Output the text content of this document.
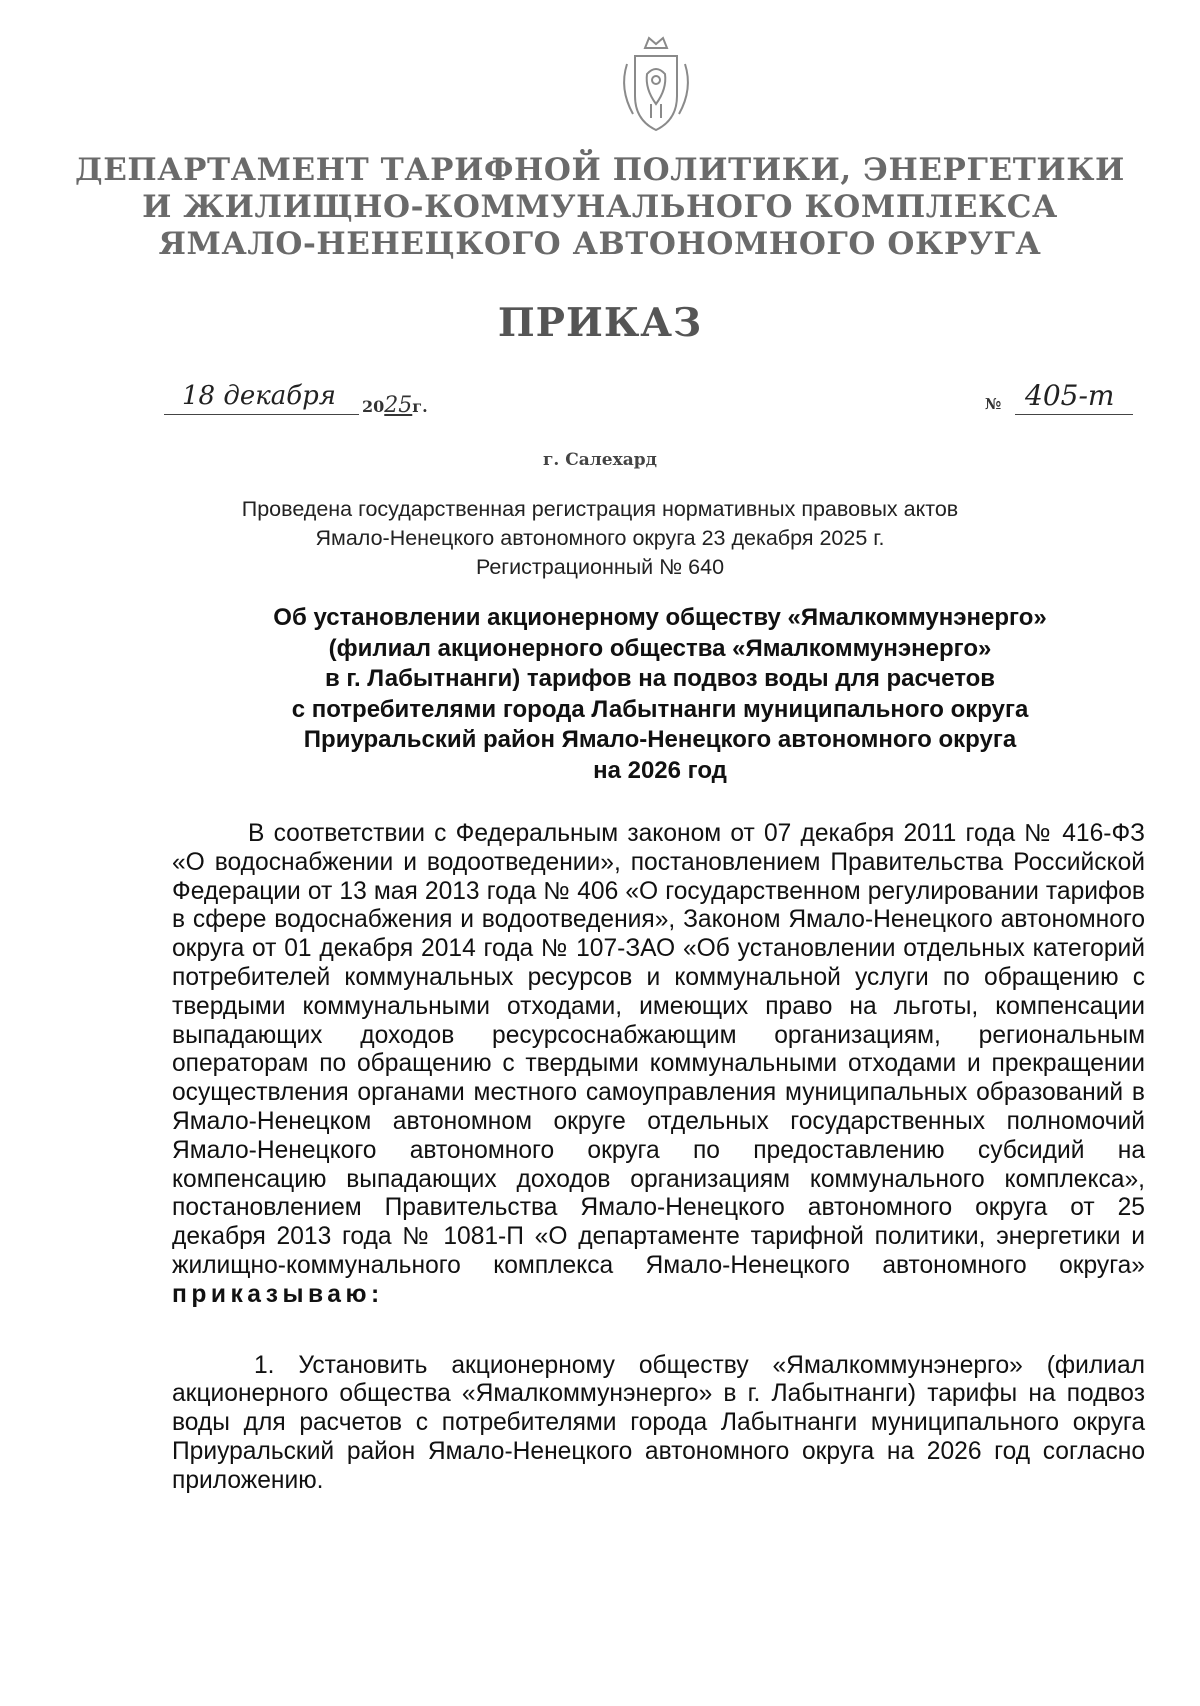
ДЕПАРТАМЕНТ ТАРИФНОЙ ПОЛИТИКИ, ЭНЕРГЕТИКИ
И ЖИЛИЩНО-КОММУНАЛЬНОГО КОМПЛЕКСА
ЯМАЛО-НЕНЕЦКОГО АВТОНОМНОГО ОКРУГА
ПРИКАЗ
18 декабря 2025г.	№ 405-т
г. Салехард
Проведена государственная регистрация нормативных правовых актов
Ямало-Ненецкого автономного округа 23 декабря 2025 г.
Регистрационный № 640
Об установлении акционерному обществу «Ямалкоммунэнерго»
(филиал акционерного общества «Ямалкоммунэнерго»
в г. Лабытнанги) тарифов на подвоз воды для расчетов
с потребителями города Лабытнанги муниципального округа
Приуральский район Ямало-Ненецкого автономного округа
на 2026 год

В соответствии с Федеральным законом от 07 декабря 2011 года № 416-ФЗ «О водоснабжении и водоотведении», постановлением Правительства Российской Федерации от 13 мая 2013 года № 406 «О государственном регулировании тарифов в сфере водоснабжения и водоотведения», Законом Ямало-Ненецкого автономного округа от 01 декабря 2014 года № 107-ЗАО «Об установлении отдельных категорий потребителей коммунальных ресурсов и коммунальной услуги по обращению с твердыми коммунальными отходами, имеющих право на льготы, компенсации выпадающих доходов ресурсоснабжающим организациям, региональным операторам по обращению с твердыми коммунальными отходами и прекращении осуществления органами местного самоуправления муниципальных образований в Ямало-Ненецком автономном округе отдельных государственных полномочий Ямало-Ненецкого автономного округа по предоставлению субсидий на компенсацию выпадающих доходов организациям коммунального комплекса», постановлением Правительства Ямало-Ненецкого автономного округа от 25 декабря 2013 года № 1081-П «О департаменте тарифной политики, энергетики и жилищно-коммунального комплекса Ямало-Ненецкого автономного округа» приказываю:

1. Установить акционерному обществу «Ямалкоммунэнерго» (филиал акционерного общества «Ямалкоммунэнерго» в г. Лабытнанги) тарифы на подвоз воды для расчетов с потребителями города Лабытнанги муниципального округа Приуральский район Ямало-Ненецкого автономного округа на 2026 год согласно приложению.
